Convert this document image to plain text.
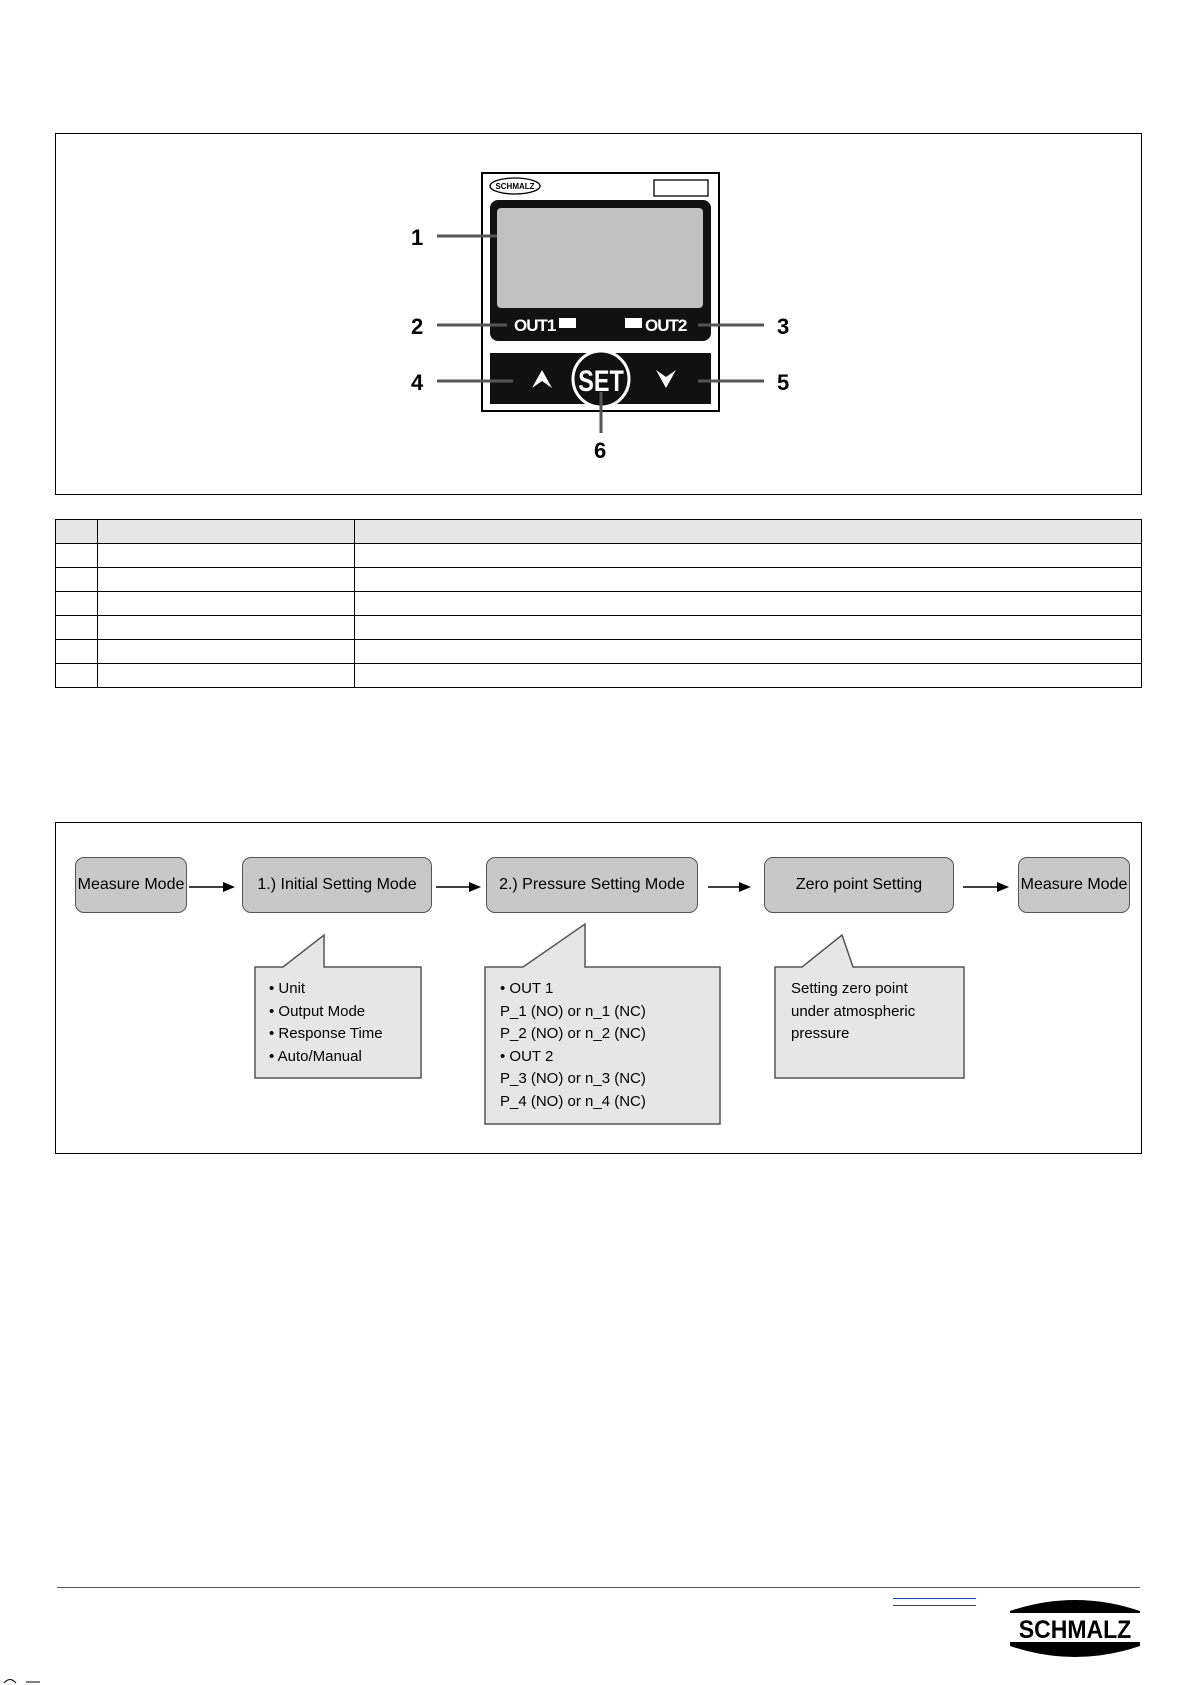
SCHMALZ
OUT1	OUT2
SET
1
2	3
4	5
6

Measure Mode	1.) Initial Setting Mode	2.) Pressure Setting Mode	Zero point Setting	Measure Mode
• Unit
• Output Mode
• Response Time
• Auto/Manual
• OUT 1
P_1 (NO) or n_1 (NC)
P_2 (NO) or n_2 (NC)
• OUT 2
P_3 (NO) or n_3 (NC)
P_4 (NO) or n_4 (NC)
Setting zero point
under atmospheric
pressure
SCHMALZ
